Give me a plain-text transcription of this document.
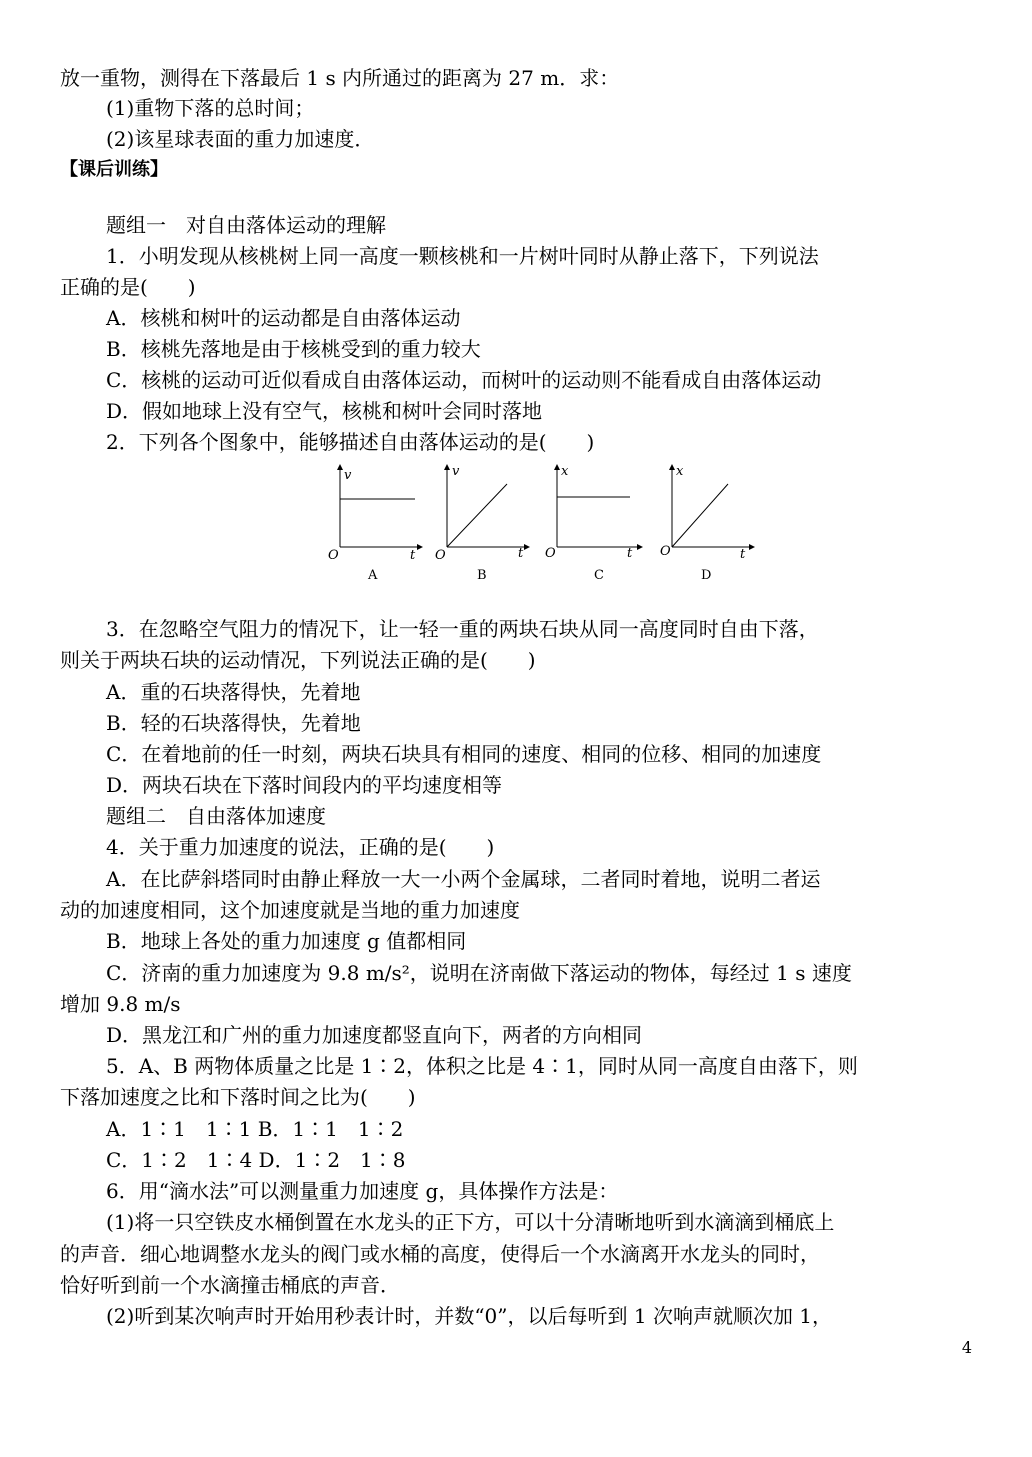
放一重物，测得在下落最后 1 s 内所通过的距离为 27 m．求：
(1)重物下落的总时间；
(2)该星球表面的重力加速度．
【课后训练】
题组一　对自由落体运动的理解
1．小明发现从核桃树上同一高度一颗核桃和一片树叶同时从静止落下，下列说法
正确的是(　　)
A．核桃和树叶的运动都是自由落体运动
B．核桃先落地是由于核桃受到的重力较大
C．核桃的运动可近似看成自由落体运动，而树叶的运动则不能看成自由落体运动
D．假如地球上没有空气，核桃和树叶会同时落地
2．下列各个图象中，能够描述自由落体运动的是(　　)
v
O	t
A
v
O	t
B
x
O	t
C
x
O	t
D
3．在忽略空气阻力的情况下，让一轻一重的两块石块从同一高度同时自由下落，
则关于两块石块的运动情况，下列说法正确的是(　　)
A．重的石块落得快，先着地
B．轻的石块落得快，先着地
C．在着地前的任一时刻，两块石块具有相同的速度、相同的位移、相同的加速度
D．两块石块在下落时间段内的平均速度相等
题组二　自由落体加速度
4．关于重力加速度的说法，正确的是(　　)
A．在比萨斜塔同时由静止释放一大一小两个金属球，二者同时着地，说明二者运
动的加速度相同，这个加速度就是当地的重力加速度
B．地球上各处的重力加速度 g 值都相同
C．济南的重力加速度为 9.8 m/s²，说明在济南做下落运动的物体，每经过 1 s 速度
增加 9.8 m/s
D．黑龙江和广州的重力加速度都竖直向下，两者的方向相同
5．A、B 两物体质量之比是 1∶2，体积之比是 4∶1，同时从同一高度自由落下，则
下落加速度之比和下落时间之比为(　　)
A．1∶1　1∶1 B．1∶1　1∶2
C．1∶2　1∶4 D．1∶2　1∶8
6．用“滴水法”可以测量重力加速度 g，具体操作方法是：
(1)将一只空铁皮水桶倒置在水龙头的正下方，可以十分清晰地听到水滴滴到桶底上
的声音．细心地调整水龙头的阀门或水桶的高度，使得后一个水滴离开水龙头的同时，
恰好听到前一个水滴撞击桶底的声音．
(2)听到某次响声时开始用秒表计时，并数“0”，以后每听到 1 次响声就顺次加 1，
4
